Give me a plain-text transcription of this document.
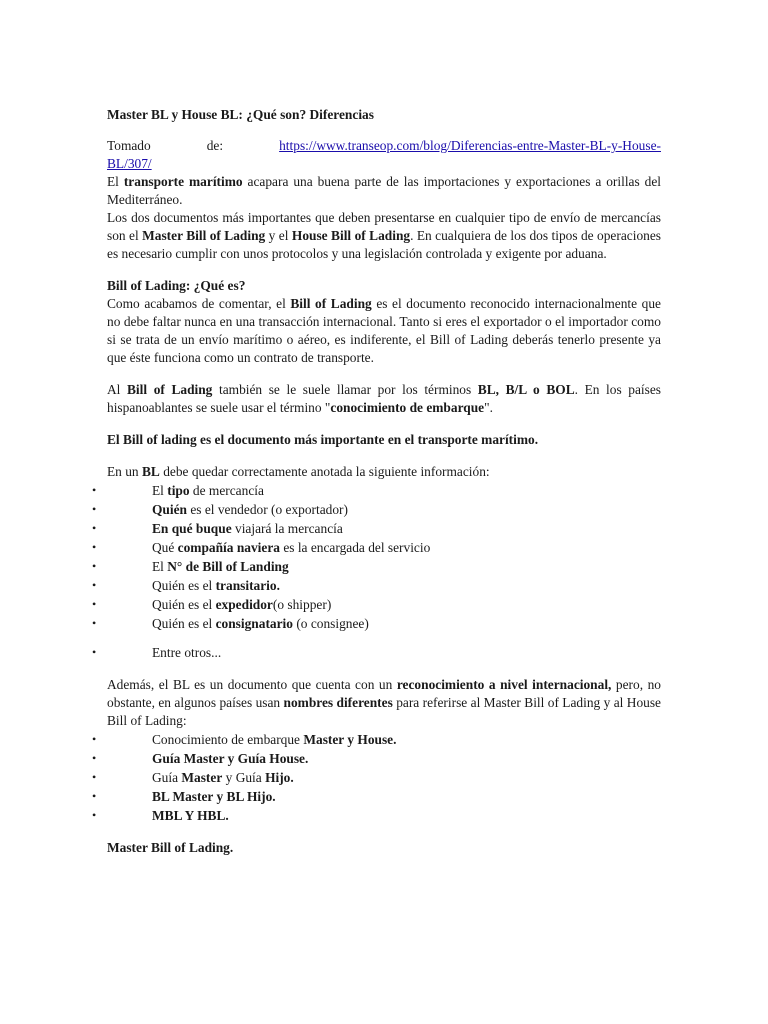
Master BL y House BL: ¿Qué son? Diferencias

Tomado de:	https://www.transeop.com/blog/Diferencias-entre-Master-BL-y-House-

BL/307/

El transporte marítimo acapara una buena parte de las importaciones y exportaciones a orillas del Mediterráneo.

Los dos documentos más importantes que deben presentarse en cualquier tipo de envío de mercancías son el Master Bill of Lading y el House Bill of Lading. En cualquiera de los dos tipos de operaciones es necesario cumplir con unos protocolos y una legislación controlada y exigente por aduana.

Bill of Lading: ¿Qué es?

Como acabamos de comentar, el Bill of Lading es el documento reconocido internacionalmente que no debe faltar nunca en una transacción internacional. Tanto si eres el exportador o el importador como si se trata de un envío marítimo o aéreo, es indiferente, el Bill of Lading deberás tenerlo presente ya que éste funciona como un contrato de transporte.

Al Bill of Lading también se le suele llamar por los términos BL, B/L o BOL. En los países hispanoablantes se suele usar el término "conocimiento de embarque".

El Bill of lading es el documento más importante en el transporte marítimo.

En un BL debe quedar correctamente anotada la siguiente información:

•	El tipo de mercancía
•	Quién es el vendedor (o exportador)
•	En qué buque viajará la mercancía
•	Qué compañía naviera es la encargada del servicio
•	El N° de Bill of Landing
•	Quién es el transitario.
•	Quién es el expedidor(o shipper)
•	Quién es el consignatario (o consignee)
•	Entre otros...

Además, el BL es un documento que cuenta con un reconocimiento a nivel internacional, pero, no obstante, en algunos países usan nombres diferentes para referirse al Master Bill of Lading y al House Bill of Lading:

•	Conocimiento de embarque Master y House.
•	Guía Master y Guía House.
•	Guía Master y Guía Hijo.
•	BL Master y BL Hijo.
•	MBL Y HBL.

Master Bill of Lading.
